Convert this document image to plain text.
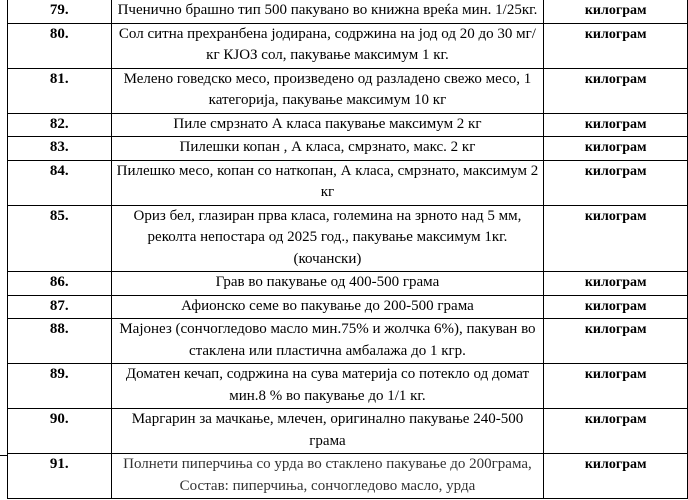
79.	Пченично брашно тип 500 пакувано во книжна вреќа мин. 1/25кг.	килограм
80.	Сол ситна прехранбена јодирана, содржина на јод од 20 до 30 мг/кг КЈОЗ сол, пакување максимум 1 кг.	килограм
81.	Мелено говедско месо, произведено од разладено свежо месо, 1 категорија, пакување максимум 10 кг	килограм
82.	Пиле смрзнато А класа пакување максимум 2 кг	килограм
83.	Пилешки копан , А класа, смрзнато, макс. 2 кг	килограм
84.	Пилешко месо, копан со наткопан, А класа, смрзнато, максимум 2 кг	килограм
85.	Ориз бел, глaзиран прва класа, големина на зрното над 5 мм, реколта непостара од 2025 год., пакување максимум 1кг. (кочански)	килограм
86.	Грав во пакување од 400-500 грама	килограм
87.	Афионско семе во пакување до 200-500 грама	килограм
88.	Мајонез (сончогледово масло мин.75% и жолчка 6%), пакуван во стаклена или пластична амбалажа до 1 кгр.	килограм
89.	Доматен кечап, содржина на сува материја со потекло од домат мин.8 % во пакување до 1/1 кг.	килограм
90.	Маргарин за мачкање, млечен, оригинално пакување 240-500 грама	килограм
91.	Полнети пиперчиња со урда во стаклено пакување до 200грама, Состав: пиперчиња, сончогледово масло, урда	килограм
